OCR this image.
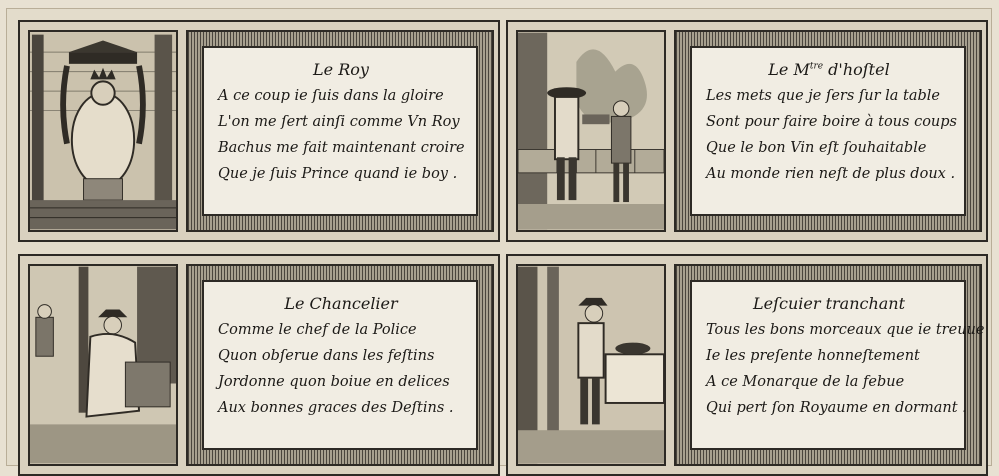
Le Roy
A ce coup ie ſuis dans la gloire
L'on me ſert ainſi comme Vn Roy
Bachus me fait maintenant croire
Que je ſuis Prince quand ie boy .
Le $M^{tre}$ d'hoſtel
Les mets que je ſers ſur la table
Sont pour faire boire à tous coups
Que le bon Vin eſt ſouhaitable
Au monde rien neſt de plus doux .
Le Chancelier
Comme le chef de la Police
Quon obſerue dans les feſtins
Jordonne quon boiue en delices
Aux bonnes graces des Deſtins .
Leſcuier tranchant
Tous les bons morceaux que ie treuue
Ie les preſente honneſtement
A ce Monarque de la febue
Qui pert ſon Royaume en dormant .
